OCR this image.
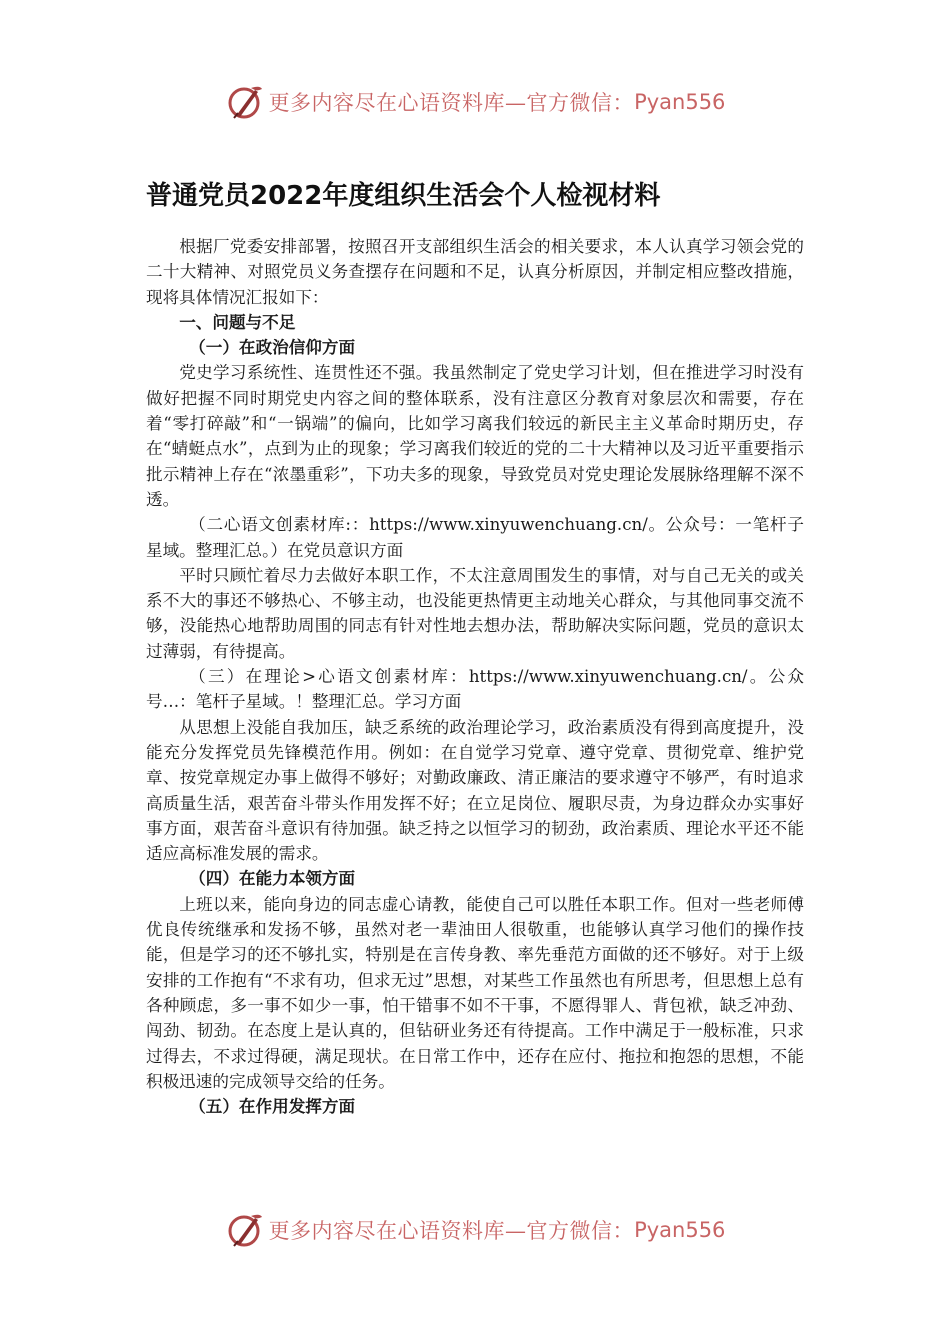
更多内容尽在心语资料库—官方微信： Pyan556
普通党员2022年度组织生活会个人检视材料

根据厂党委安排部署，按照召开支部组织生活会的相关要求，本人认真学习领会党的二十大精神、对照党员义务查摆存在问题和不足，认真分析原因，并制定相应整改措施，现将具体情况汇报如下：

一、问题与不足

（一）在政治信仰方面

党史学习系统性、连贯性还不强。我虽然制定了党史学习计划，但在推进学习时没有做好把握不同时期党史内容之间的整体联系，没有注意区分教育对象层次和需要，存在着“零打碎敲”和“一锅端”的偏向，比如学习离我们较远的新民主主义革命时期历史，存在“蜻蜓点水”，点到为止的现象；学习离我们较近的党的二十大精神以及习近平重要指示批示精神上存在“浓墨重彩”，下功夫多的现象，导致党员对党史理论发展脉络理解不深不透。

（二心语文创素材库:：https://www.xinyuwenchuang.cn/。公众号：一笔杆子星域。整理汇总。）在党员意识方面

平时只顾忙着尽力去做好本职工作，不太注意周围发生的事情，对与自己无关的或关系不大的事还不够热心、不够主动，也没能更热情更主动地关心群众，与其他同事交流不够，没能热心地帮助周围的同志有针对性地去想办法，帮助解决实际问题，党员的意识太过薄弱，有待提高。

（三）在理论>心语文创素材库：https://www.xinyuwenchuang.cn/。公众号…：笔杆子星域。！整理汇总。学习方面

从思想上没能自我加压，缺乏系统的政治理论学习，政治素质没有得到高度提升，没能充分发挥党员先锋模范作用。例如：在自觉学习党章、遵守党章、贯彻党章、维护党章、按党章规定办事上做得不够好；对勤政廉政、清正廉洁的要求遵守不够严，有时追求高质量生活，艰苦奋斗带头作用发挥不好；在立足岗位、履职尽责，为身边群众办实事好事方面，艰苦奋斗意识有待加强。缺乏持之以恒学习的韧劲，政治素质、理论水平还不能适应高标准发展的需求。

（四）在能力本领方面

上班以来，能向身边的同志虚心请教，能使自己可以胜任本职工作。但对一些老师傅优良传统继承和发扬不够，虽然对老一辈油田人很敬重，也能够认真学习他们的操作技能，但是学习的还不够扎实，特别是在言传身教、率先垂范方面做的还不够好。对于上级安排的工作抱有“不求有功，但求无过”思想，对某些工作虽然也有所思考，但思想上总有各种顾虑，多一事不如少一事，怕干错事不如不干事，不愿得罪人、背包袱，缺乏冲劲、闯劲、韧劲。在态度上是认真的，但钻研业务还有待提高。工作中满足于一般标准，只求过得去，不求过得硬，满足现状。在日常工作中，还存在应付、拖拉和抱怨的思想，不能积极迅速的完成领导交给的任务。

（五）在作用发挥方面

更多内容尽在心语资料库—官方微信： Pyan556
